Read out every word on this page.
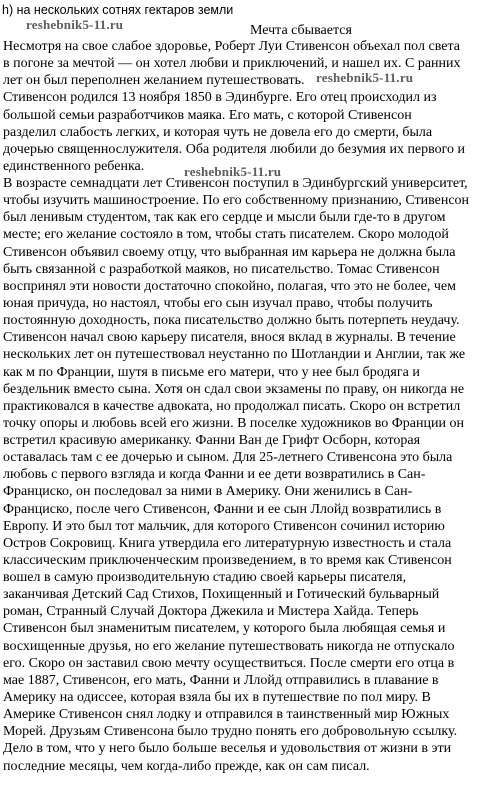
h) на нескольких сотнях гектаров земли
reshebnik5-11.ru	Мечта сбывается
reshebnik5-11.ru
reshebnik5-11.ru
Несмотря на свое слабое здоровье, Роберт Луи Стивенсон объехал пол света
в погоне за мечтой — он хотел любви и приключений, и нашел их. С ранних
лет он был переполнен желанием путешествовать.
Стивенсон родился 13 ноября 1850 в Эдинбурге. Его отец происходил из
большой семьи разработчиков маяка. Его мать, с которой Стивенсон
разделил слабость легких, и которая чуть не довела его до смерти, была
дочерью священнослужителя. Оба родителя любили до безумия их первого и
единственного ребенка.
В возрасте семнадцати лет Стивенсон поступил в Эдинбургский университет,
чтобы изучить машиностроение. По его собственному признанию, Стивенсон
был ленивым студентом, так как его сердце и мысли были где-то в другом
месте; его желание состояло в том, чтобы стать писателем. Скоро молодой
Стивенсон объявил своему отцу, что выбранная им карьера не должна была
быть связанной с разработкой маяков, но писательство. Томас Стивенсон
воспринял эти новости достаточно спокойно, полагая, что это не более, чем
юная причуда, но настоял, чтобы его сын изучал право, чтобы получить
постоянную доходность, пока писательство должно быть потерпеть неудачу.
Стивенсон начал свою карьеру писателя, внося вклад в журналы. В течение
нескольких лет он путешествовал неустанно по Шотландии и Англии, так же
как м по Франции, шутя в письме его матери, что у нее был бродяга и
бездельник вместо сына. Хотя он сдал свои экзамены по праву, он никогда не
практиковался в качестве адвоката, но продолжал писать. Скоро он встретил
точку опоры и любовь всей его жизни. В поселке художников во Франции он
встретил красивую американку. Фанни Ван де Грифт Осборн, которая
оставалась там с ее дочерью и сыном. Для 25-летнего Стивенсона это была
любовь с первого взгляда и когда Фанни и ее дети возвратились в Сан-
Франциско, он последовал за ними в Америку. Они женились в Сан-
Франциско, после чего Стивенсон, Фанни и ее сын Ллойд возвратились в
Европу. И это был тот мальчик, для которого Стивенсон сочинил историю
Остров Сокровищ. Книга утвердила его литературную известность и стала
классическим приключенческим произведением, в то время как Стивенсон
вошел в самую производительную стадию своей карьеры писателя,
заканчивая Детский Сад Стихов, Похищенный и Готический бульварный
роман, Странный Случай Доктора Джекила и Мистера Хайда. Теперь
Стивенсон был знаменитым писателем, у которого была любящая семья и
восхищенные друзья, но его желание путешествовать никогда не отпускало
его. Скоро он заставил свою мечту осуществиться. После смерти его отца в
мае 1887, Стивенсон, его мать, Фанни и Ллойд отправились в плавание в
Америку на одиссее, которая взяла бы их в путешествие по пол миру. В
Америке Стивенсон снял лодку и отправился в таинственный мир Южных
Морей. Друзьям Стивенсона было трудно понять его добровольную ссылку.
Дело в том, что у него было больше веселья и удовольствия от жизни в эти
последние месяцы, чем когда-либо прежде, как он сам писал.
